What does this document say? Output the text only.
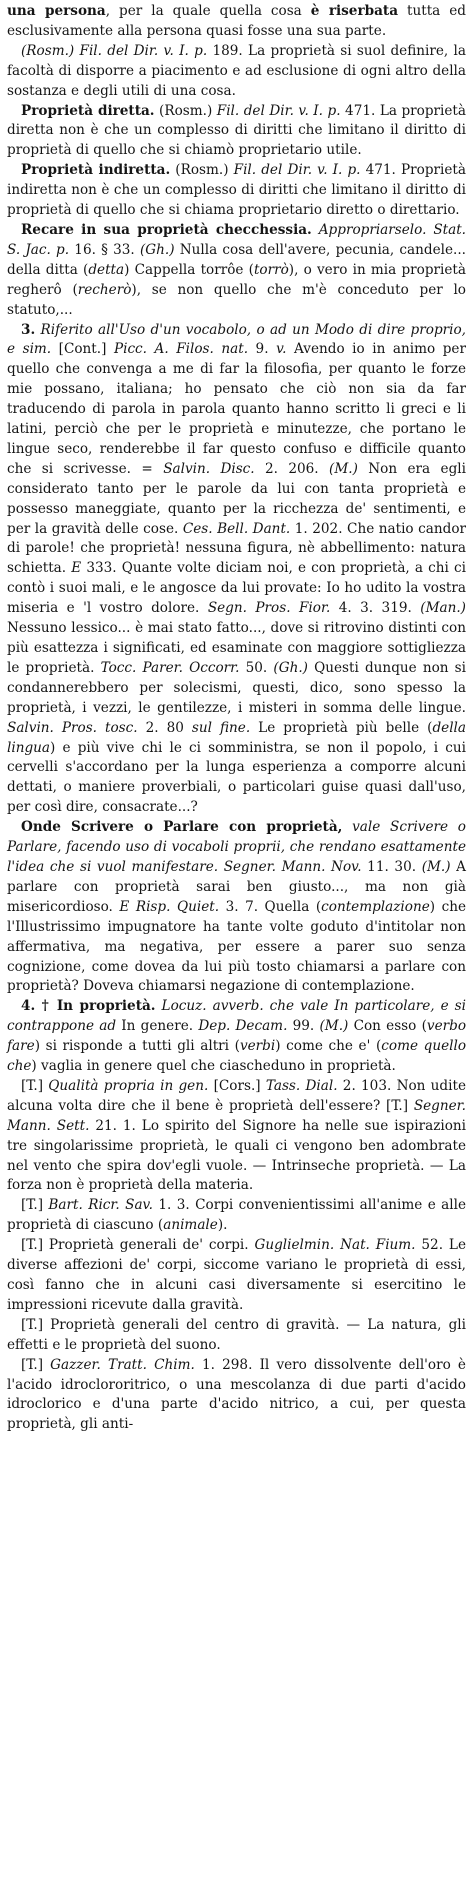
una persona, per la quale quella cosa è riserbata tutta ed esclusivamente alla persona quasi fosse una sua parte.

(Rosm.) Fil. del Dir. v. I. p. 189. La proprietà si suol definire, la facoltà di disporre a piacimento e ad esclusione di ogni altro della sostanza e degli utili di una cosa.

Proprietà diretta. (Rosm.) Fil. del Dir. v. I. p. 471. La proprietà diretta non è che un complesso di diritti che limitano il diritto di proprietà di quello che si chiamò proprietario utile.

Proprietà indiretta. (Rosm.) Fil. del Dir. v. I. p. 471. Proprietà indiretta non è che un complesso di diritti che limitano il diritto di proprietà di quello che si chiama proprietario diretto o direttario.

Recare in sua proprietà checchessia. Appropriarselo. Stat. S. Jac. p. 16. § 33. (Gh.) Nulla cosa dell'avere, pecunia, candele... della ditta (detta) Cappella torrôe (torrò), o vero in mia proprietà regherô (recherò), se non quello che m'è conceduto per lo statuto,...

3. Riferito all'Uso d'un vocabolo, o ad un Modo di dire proprio, e sim. [Cont.] Picc. A. Filos. nat. 9. v. Avendo io in animo per quello che convenga a me di far la filosofia, per quanto le forze mie possano, italiana; ho pensato che ciò non sia da far traducendo di parola in parola quanto hanno scritto li greci e li latini, perciò che per le proprietà e minutezze, che portano le lingue seco, renderebbe il far questo confuso e difficile quanto che si scrivesse. = Salvin. Disc. 2. 206. (M.) Non era egli considerato tanto per le parole da lui con tanta proprietà e possesso maneggiate, quanto per la ricchezza de' sentimenti, e per la gravità delle cose. Ces. Bell. Dant. 1. 202. Che natio candor di parole! che proprietà! nessuna figura, nè abbellimento: natura schietta. E 333. Quante volte diciam noi, e con proprietà, a chi ci contò i suoi mali, e le angosce da lui provate: Io ho udito la vostra miseria e 'l vostro dolore. Segn. Pros. Fior. 4. 3. 319. (Man.) Nessuno lessico... è mai stato fatto..., dove si ritrovino distinti con più esattezza i significati, ed esaminate con maggiore sottigliezza le proprietà. Tocc. Parer. Occorr. 50. (Gh.) Questi dunque non si condannerebbero per solecismi, questi, dico, sono spesso la proprietà, i vezzi, le gentilezze, i misteri in somma delle lingue. Salvin. Pros. tosc. 2. 80 sul fine. Le proprietà più belle (della lingua) e più vive chi le ci somministra, se non il popolo, i cui cervelli s'accordano per la lunga esperienza a comporre alcuni dettati, o maniere proverbiali, o particolari guise quasi dall'uso, per così dire, consacrate...?

Onde Scrivere o Parlare con proprietà, vale Scrivere o Parlare, facendo uso di vocaboli proprii, che rendano esattamente l'idea che si vuol manifestare. Segner. Mann. Nov. 11. 30. (M.) A parlare con proprietà sarai ben giusto..., ma non già misericordioso. E Risp. Quiet. 3. 7. Quella (contemplazione) che l'Illustrissimo impugnatore ha tante volte goduto d'intitolar non affermativa, ma negativa, per essere a parer suo senza cognizione, come dovea da lui più tosto chiamarsi a parlare con proprietà? Doveva chiamarsi negazione di contemplazione.

4. † In proprietà. Locuz. avverb. che vale In particolare, e si contrappone ad In genere. Dep. Decam. 99. (M.) Con esso (verbo fare) si risponde a tutti gli altri (verbi) come che e' (come quello che) vaglia in genere quel che ciascheduno in proprietà.

[T.] Qualità propria in gen. [Cors.] Tass. Dial. 2. 103. Non udite alcuna volta dire che il bene è proprietà dell'essere? [T.] Segner. Mann. Sett. 21. 1. Lo spirito del Signore ha nelle sue ispirazioni tre singolarissime proprietà, le quali ci vengono ben adombrate nel vento che spira dov'egli vuole. — Intrinseche proprietà. — La forza non è proprietà della materia.

[T.] Bart. Ricr. Sav. 1. 3. Corpi convenientissimi all'anime e alle proprietà di ciascuno (animale).

[T.] Proprietà generali de' corpi. Guglielmin. Nat. Fium. 52. Le diverse affezioni de' corpi, siccome variano le proprietà di essi, così fanno che in alcuni casi diversamente si esercitino le impressioni ricevute dalla gravità.

[T.] Proprietà generali del centro di gravità. — La natura, gli effetti e le proprietà del suono.

[T.] Gazzer. Tratt. Chim. 1. 298. Il vero dissolvente dell'oro è l'acido idroclororitrico, o una mescolanza di due parti d'acido idroclorico e d'una parte d'acido nitrico, a cui, per questa proprietà, gli anti-
